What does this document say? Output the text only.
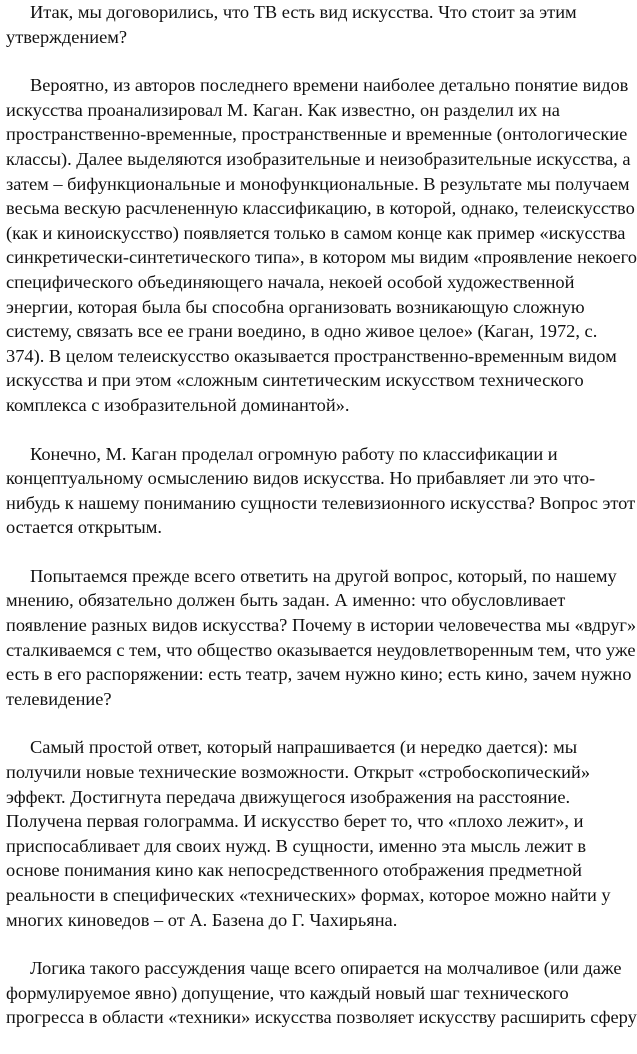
Итак, мы договорились, что ТВ есть вид искусства. Что стоит за этим
утверждением?

Вероятно, из авторов последнего времени наиболее детально понятие видов
искусства проанализировал М. Каган. Как известно, он разделил их на
пространственно-временные, пространственные и временные (онтологические
классы). Далее выделяются изобразительные и неизобразительные искусства, а
затем – бифункциональные и монофункциональные. В результате мы получаем
весьма вескую расчлененную классификацию, в которой, однако, телеискусство
(как и киноискусство) появляется только в самом конце как пример «искусства
синкретически-синтетического типа», в котором мы видим «проявление некоего
специфического объединяющего начала, некоей особой художественной
энергии, которая была бы способна организовать возникающую сложную
систему, связать все ее грани воедино, в одно живое целое» (Каган, 1972, с.
374). В целом телеискусство оказывается пространственно-временным видом
искусства и при этом «сложным синтетическим искусством технического
комплекса с изобразительной доминантой».

Конечно, М. Каган проделал огромную работу по классификации и
концептуальному осмыслению видов искусства. Но прибавляет ли это что-
нибудь к нашему пониманию сущности телевизионного искусства? Вопрос этот
остается открытым.

Попытаемся прежде всего ответить на другой вопрос, который, по нашему
мнению, обязательно должен быть задан. А именно: что обусловливает
появление разных видов искусства? Почему в истории человечества мы «вдруг»
сталкиваемся с тем, что общество оказывается неудовлетворенным тем, что уже
есть в его распоряжении: есть театр, зачем нужно кино; есть кино, зачем нужно
телевидение?

Самый простой ответ, который напрашивается (и нередко дается): мы
получили новые технические возможности. Открыт «стробоскопический»
эффект. Достигнута передача движущегося изображения на расстояние.
Получена первая голограмма. И искусство берет то, что «плохо лежит», и
приспосабливает для своих нужд. В сущности, именно эта мысль лежит в
основе понимания кино как непосредственного отображения предметной
реальности в специфических «технических» формах, которое можно найти у
многих киноведов – от А. Базена до Г. Чахирьяна.

Логика такого рассуждения чаще всего опирается на молчаливое (или даже
формулируемое явно) допущение, что каждый новый шаг технического
прогресса в области «техники» искусства позволяет искусству расширить сферу
